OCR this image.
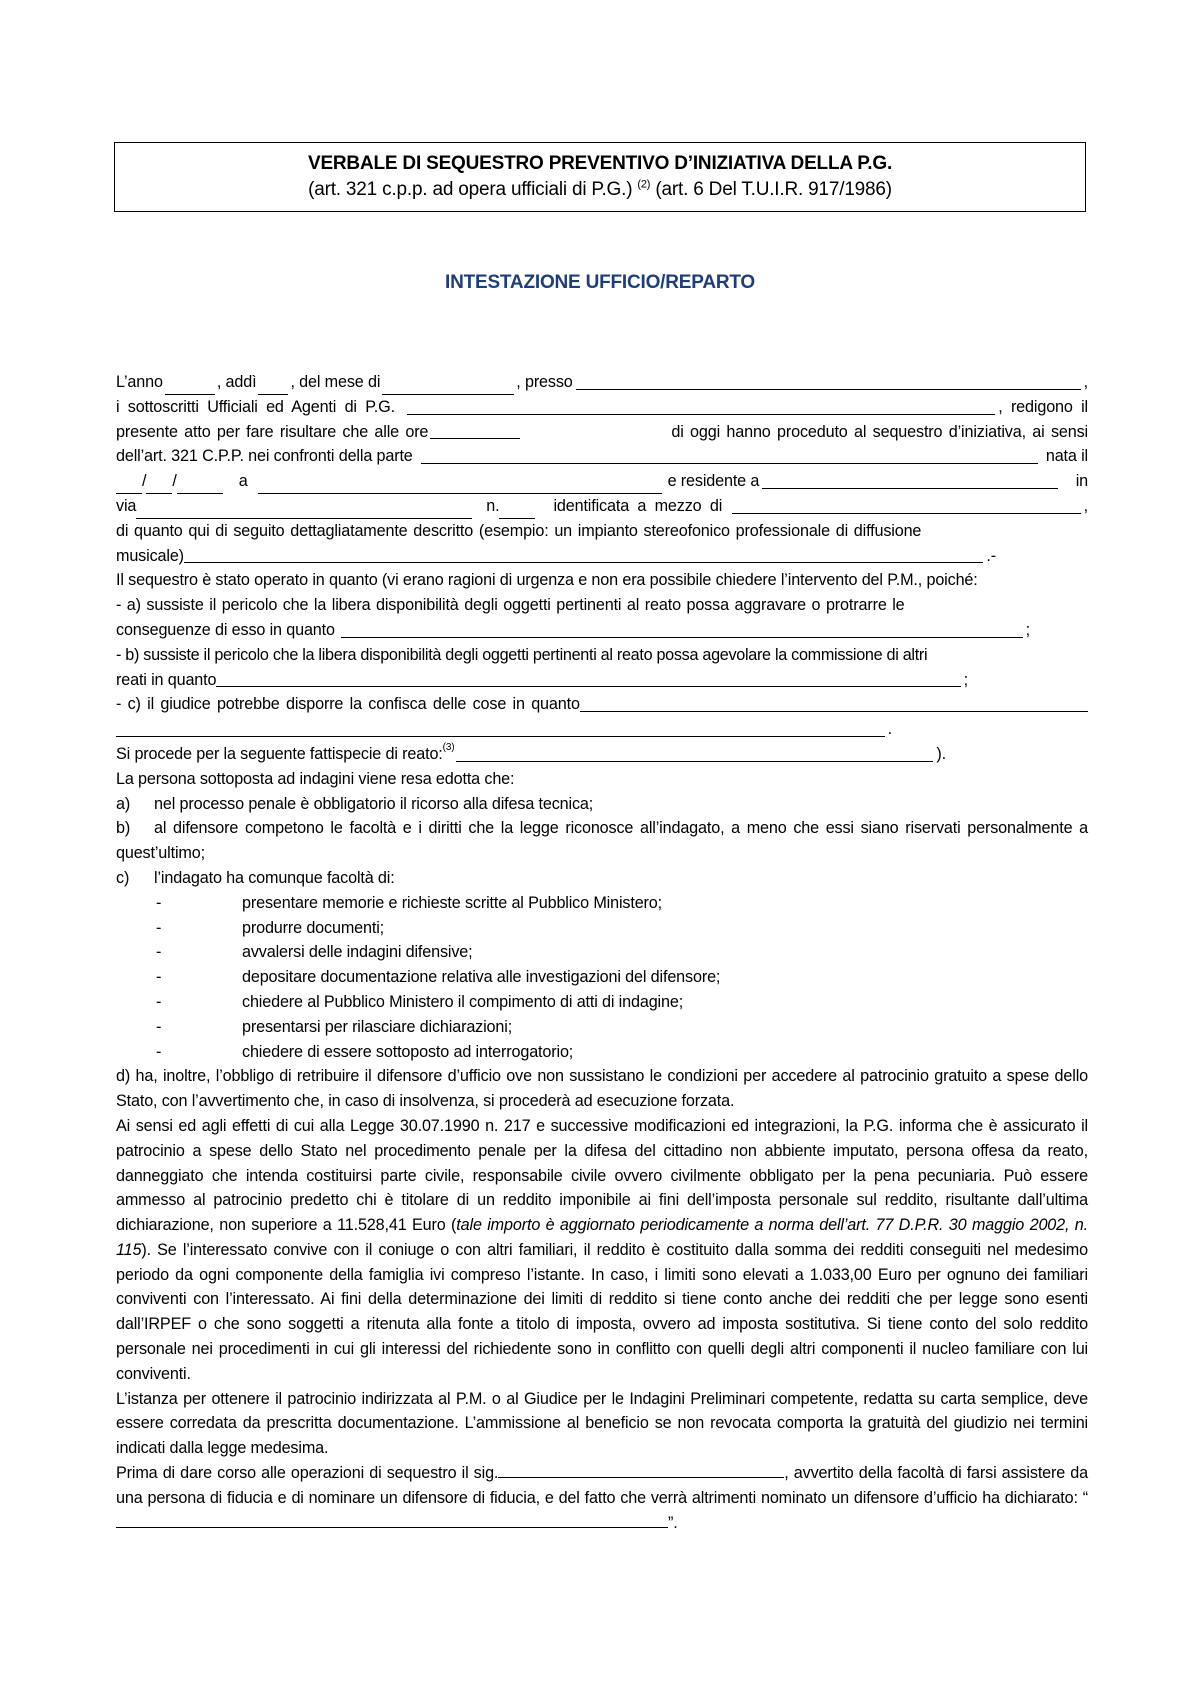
VERBALE DI SEQUESTRO PREVENTIVO D’INIZIATIVA DELLA P.G.
(art. 321 c.p.p. ad opera ufficiali di P.G.) $^{(2)}$ (art. 6 Del T.U.I.R. 917/1986)
INTESTAZIONE UFFICIO/REPARTO
L’anno	, addì , del mese di	, presso	,
i sottoscritti Ufficiali ed Agenti di P.G.	, redigono il
presente atto per fare risultare che alle ore	di oggi hanno proceduto al sequestro d’iniziativa, ai sensi
dell’art. 321 C.P.P. nei confronti della parte	nata il
/ /	a	e residente a	in
via	n.	identificata a mezzo di	,

di quanto qui di seguito dettagliatamente descritto (esempio: un impianto stereofonico professionale di diffusione

musicale)	.-

Il sequestro è stato operato in quanto (vi erano ragioni di urgenza e non era possibile chiedere l’intervento del P.M., poiché:

- a) sussiste il pericolo che la libera disponibilità degli oggetti pertinenti al reato possa aggravare o protrarre le

conseguenze di esso in quanto	;

- b) sussiste il pericolo che la libera disponibilità degli oggetti pertinenti al reato possa agevolare la commissione di altri

reati in quanto	;
- c) il giudice potrebbe disporre la confisca delle cose in quanto
.
Si procede per la seguente fattispecie di reato: (3)	).

La persona sottoposta ad indagini viene resa edotta che:

a)	nel processo penale è obbligatorio il ricorso alla difesa tecnica;
b)	al difensore competono le facoltà e i diritti che la legge riconosce all’indagato, a meno che essi siano riservati personalmente a quest’ultimo;
c)	l’indagato ha comunque facoltà di:
-	presentare memorie e richieste scritte al Pubblico Ministero;
-	produrre documenti;
-	avvalersi delle indagini difensive;
-	depositare documentazione relativa alle investigazioni del difensore;
-	chiedere al Pubblico Ministero il compimento di atti di indagine;
-	presentarsi per rilasciare dichiarazioni;
-	chiedere di essere sottoposto ad interrogatorio;

d) ha, inoltre, l’obbligo di retribuire il difensore d’ufficio ove non sussistano le condizioni per accedere al patrocinio gratuito a spese dello Stato, con l’avvertimento che, in caso di insolvenza, si procederà ad esecuzione forzata.

Ai sensi ed agli effetti di cui alla Legge 30.07.1990 n. 217 e successive modificazioni ed integrazioni, la P.G. informa che è assicurato il patrocinio a spese dello Stato nel procedimento penale per la difesa del cittadino non abbiente imputato, persona offesa da reato, danneggiato che intenda costituirsi parte civile, responsabile civile ovvero civilmente obbligato per la pena pecuniaria. Può essere ammesso al patrocinio predetto chi è titolare di un reddito imponibile ai fini dell’imposta personale sul reddito, risultante dall’ultima dichiarazione, non superiore a 11.528,41 Euro (tale importo è aggiornato periodicamente a norma dell’art. 77 D.P.R. 30 maggio 2002, n. 115). Se l’interessato convive con il coniuge o con altri familiari, il reddito è costituito dalla somma dei redditi conseguiti nel medesimo periodo da ogni componente della famiglia ivi compreso l’istante. In caso, i limiti sono elevati a 1.033,00 Euro per ognuno dei familiari conviventi con l’interessato. Ai fini della determinazione dei limiti di reddito si tiene conto anche dei redditi che per legge sono esenti dall’IRPEF o che sono soggetti a ritenuta alla fonte a titolo di imposta, ovvero ad imposta sostitutiva. Si tiene conto del solo reddito personale nei procedimenti in cui gli interessi del richiedente sono in conflitto con quelli degli altri componenti il nucleo familiare con lui conviventi.

L’istanza per ottenere il patrocinio indirizzata al P.M. o al Giudice per le Indagini Preliminari competente, redatta su carta semplice, deve essere corredata da prescritta documentazione. L’ammissione al beneficio se non revocata comporta la gratuità del giudizio nei termini indicati dalla legge medesima.

Prima di dare corso alle operazioni di sequestro il sig.	, avvertito della facoltà di farsi assistere da una persona di fiducia e di nominare un difensore di fiducia, e del fatto che verrà altrimenti nominato un difensore d’ufficio ha dichiarato: “”.
